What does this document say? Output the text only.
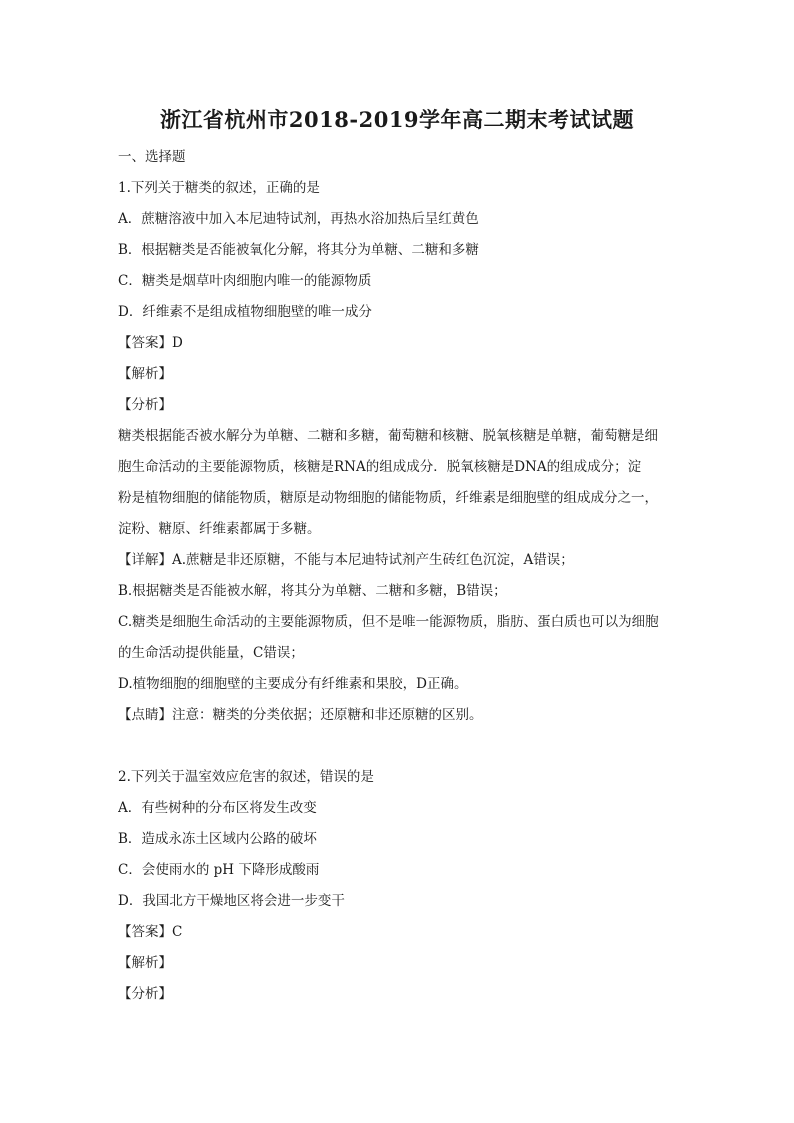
浙江省杭州市2018-2019学年高二期末考试试题
一、选择题
1.下列关于糖类的叙述，正确的是
A．蔗糖溶液中加入本尼迪特试剂，再热水浴加热后呈红黄色
B．根据糖类是否能被氧化分解，将其分为单糖、二糖和多糖
C．糖类是烟草叶肉细胞内唯一的能源物质
D．纤维素不是组成植物细胞壁的唯一成分
【答案】D
【解析】
【分析】
糖类根据能否被水解分为单糖、二糖和多糖，葡萄糖和核糖、脱氧核糖是单糖，葡萄糖是细
胞生命活动的主要能源物质，核糖是RNA的组成成分．脱氧核糖是DNA的组成成分；淀
粉是植物细胞的储能物质，糖原是动物细胞的储能物质，纤维素是细胞壁的组成成分之一，
淀粉、糖原、纤维素都属于多糖。
【详解】A.蔗糖是非还原糖，不能与本尼迪特试剂产生砖红色沉淀，A错误；
B.根据糖类是否能被水解，将其分为单糖、二糖和多糖，B错误；
C.糖类是细胞生命活动的主要能源物质，但不是唯一能源物质，脂肪、蛋白质也可以为细胞
的生命活动提供能量，C错误；
D.植物细胞的细胞壁的主要成分有纤维素和果胶，D正确。
【点睛】注意：糖类的分类依据；还原糖和非还原糖的区别。
2.下列关于温室效应危害的叙述，错误的是
A．有些树种的分布区将发生改变
B．造成永冻土区域内公路的破坏
C．会使雨水的 pH 下降形成酸雨
D．我国北方干燥地区将会进一步变干
【答案】C
【解析】
【分析】
